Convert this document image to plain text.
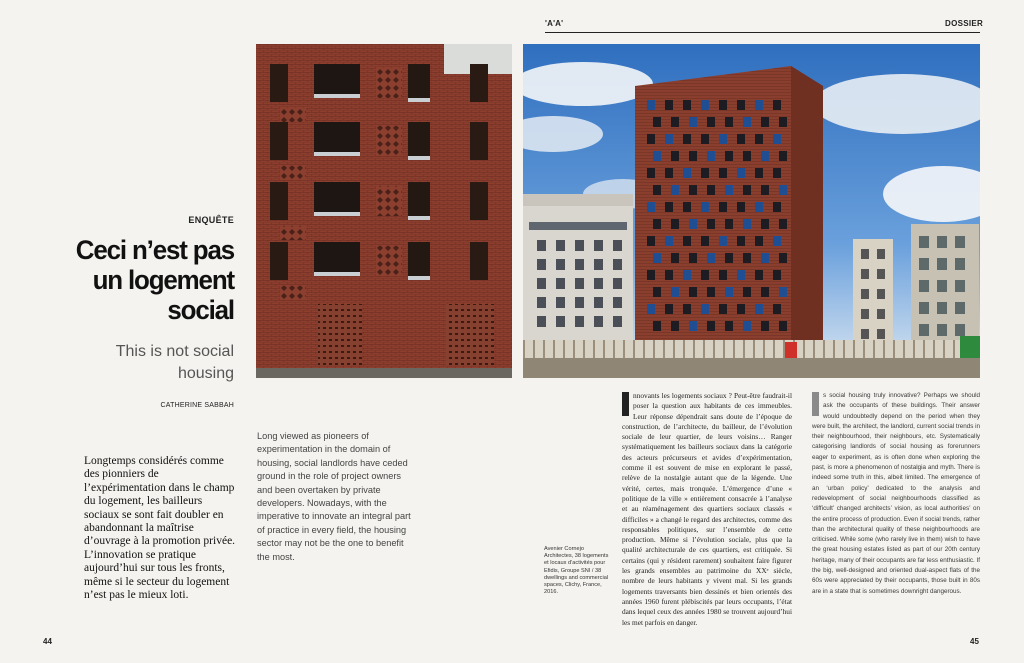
'A'A'	DOSSIER
ENQUÊTE
Ceci n’est pas un logement social
This is not social housing
CATHERINE SABBAH
Longtemps considérés comme des pionniers de l’expérimentation dans le champ du logement, les bailleurs sociaux se sont fait doubler en abandonnant la maîtrise d’ouvrage à la promotion privée. L’innovation se pratique aujourd’hui sur tous les fronts, même si le secteur du logement n’est pas le mieux loti.
Long viewed as pioneers of experimentation in the domain of housing, social landlords have ceded ground in the role of project owners and been overtaken by private developers. Nowadays, with the imperative to innovate an integral part of practice in every field, the housing sector may not be the one to benefit the most.
Avenier Cornejo Architectes, 38 logements et locaux d’activités pour Efidis, Groupe SNI / 38 dwellings and commercial spaces, Clichy, France, 2016.
nnovants les logements sociaux ? Peut-être faudrait-il poser la question aux habitants de ces immeubles. Leur réponse dépendrait sans doute de l’époque de construction, de l’architecte, du bailleur, de l’évolution sociale de leur quartier, de leurs voisins… Ranger systématiquement les bailleurs sociaux dans la catégorie des acteurs précurseurs et avides d’expérimentation, comme il est souvent de mise en explorant le passé, relève de la nostalgie autant que de la légende. Une vérité, certes, mais tronquée. L’émergence d’une « politique de la ville » entièrement consacrée à l’analyse et au réaménagement des quartiers sociaux classés « difficiles » a changé le regard des architectes, comme des responsables politiques, sur l’ensemble de cette production. Même si l’évolution sociale, plus que la qualité architecturale de ces quartiers, est critiquée. Si certains (qui y résident rarement) souhaitent faire figurer les grands ensembles au patrimoine du XXᵉ siècle, nombre de leurs habitants y vivent mal. Si les grands logements traversants bien dessinés et bien orientés des années 1960 furent plébiscités par leurs occupants, l’état dans lequel ceux des années 1980 se trouvent aujourd’hui les met parfois en danger.
s social housing truly innovative? Perhaps we should ask the occupants of these buildings. Their answer would undoubtedly depend on the period when they were built, the architect, the landlord, current social trends in their neighbourhood, their neighbours, etc. Systematically categorising landlords of social housing as forerunners eager to experiment, as is often done when exploring the past, is more a phenomenon of nostalgia and myth. There is indeed some truth in this, albeit limited. The emergence of an ‘urban policy’ dedicated to the analysis and redevelopment of social neighbourhoods classified as ‘difficult’ changed architects’ vision, as local authorities’ on the entire process of production. Even if social trends, rather than the architectural quality of these neighbourhoods are criticised. While some (who rarely live in them) wish to have the great housing estates listed as part of our 20th century heritage, many of their occupants are far less enthusiastic. If the big, well-designed and oriented dual-aspect flats of the 60s were appreciated by their occupants, those built in 80s are in a state that is sometimes downright dangerous.
44	45
